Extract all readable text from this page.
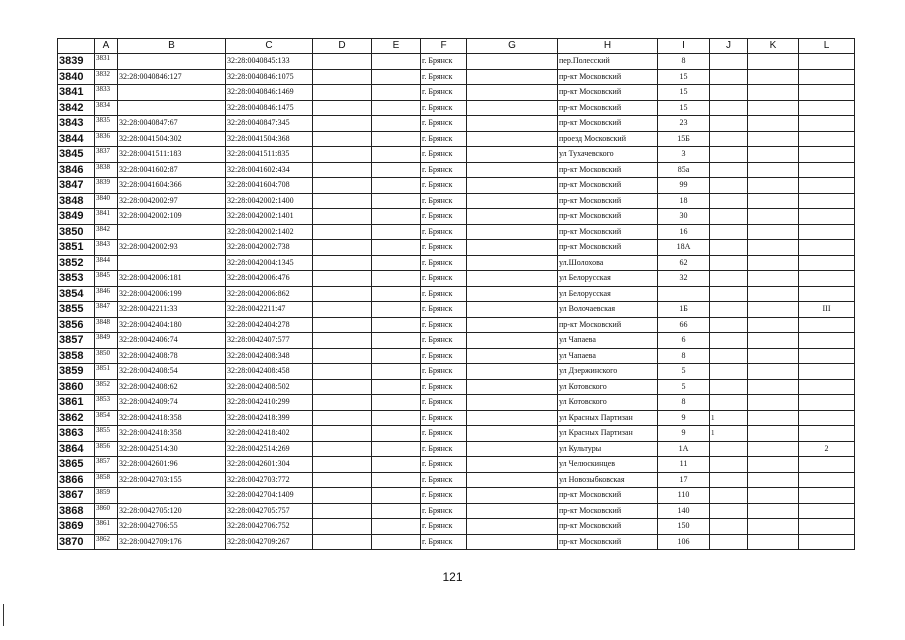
	A	B	C	D	E	F	G	H	I	J	K	L
3839	3831		32:28:0040845:133			г. Брянск		пер.Полесский	8			
3840	3832	32:28:0040846:127	32:28:0040846:1075			г. Брянск		пр-кт Московский	15			
3841	3833		32:28:0040846:1469			г. Брянск		пр-кт Московский	15			
3842	3834		32:28:0040846:1475			г. Брянск		пр-кт Московский	15			
3843	3835	32:28:0040847:67	32:28:0040847:345			г. Брянск		пр-кт Московский	23			
3844	3836	32:28:0041504:302	32:28:0041504:368			г. Брянск		проезд Московский	15Б			
3845	3837	32:28:0041511:183	32:28:0041511:835			г. Брянск		ул Тухачевского	3			
3846	3838	32:28:0041602:87	32:28:0041602:434			г. Брянск		пр-кт Московский	85а			
3847	3839	32:28:0041604:366	32:28:0041604:708			г. Брянск		пр-кт Московский	99			
3848	3840	32:28:0042002:97	32:28:0042002:1400			г. Брянск		пр-кт Московский	18			
3849	3841	32:28:0042002:109	32:28:0042002:1401			г. Брянск		пр-кт Московский	30			
3850	3842		32:28:0042002:1402			г. Брянск		пр-кт Московский	16			
3851	3843	32:28:0042002:93	32:28:0042002:738			г. Брянск		пр-кт Московский	18А			
3852	3844		32:28:0042004:1345			г. Брянск		ул.Шолохова	62			
3853	3845	32:28:0042006:181	32:28:0042006:476			г. Брянск		ул Белорусская	32			
3854	3846	32:28:0042006:199	32:28:0042006:862			г. Брянск		ул Белорусская				
3855	3847	32:28:0042211:33	32:28:0042211:47			г. Брянск		ул Волочаевская	1Б			III
3856	3848	32:28:0042404:180	32:28:0042404:278			г. Брянск		пр-кт Московский	66			
3857	3849	32:28:0042406:74	32:28:0042407:577			г. Брянск		ул Чапаева	6			
3858	3850	32:28:0042408:78	32:28:0042408:348			г. Брянск		ул Чапаева	8			
3859	3851	32:28:0042408:54	32:28:0042408:458			г. Брянск		ул Дзержинского	5			
3860	3852	32:28:0042408:62	32:28:0042408:502			г. Брянск		ул Котовского	5			
3861	3853	32:28:0042409:74	32:28:0042410:299			г. Брянск		ул Котовского	8			
3862	3854	32:28:0042418:358	32:28:0042418:399			г. Брянск		ул Красных Партизан	9	1		
3863	3855	32:28:0042418:358	32:28:0042418:402			г. Брянск		ул Красных Партизан	9	1		
3864	3856	32:28:0042514:30	32:28:0042514:269			г. Брянск		ул Культуры	1А			2
3865	3857	32:28:0042601:96	32:28:0042601:304			г. Брянск		ул Челюскинцев	11			
3866	3858	32:28:0042703:155	32:28:0042703:772			г. Брянск		ул Новозыбковская	17			
3867	3859		32:28:0042704:1409			г. Брянск		пр-кт Московский	110			
3868	3860	32:28:0042705:120	32:28:0042705:757			г. Брянск		пр-кт Московский	140			
3869	3861	32:28:0042706:55	32:28:0042706:752			г. Брянск		пр-кт Московский	150			
3870	3862	32:28:0042709:176	32:28:0042709:267			г. Брянск		пр-кт Московский	106			
121
